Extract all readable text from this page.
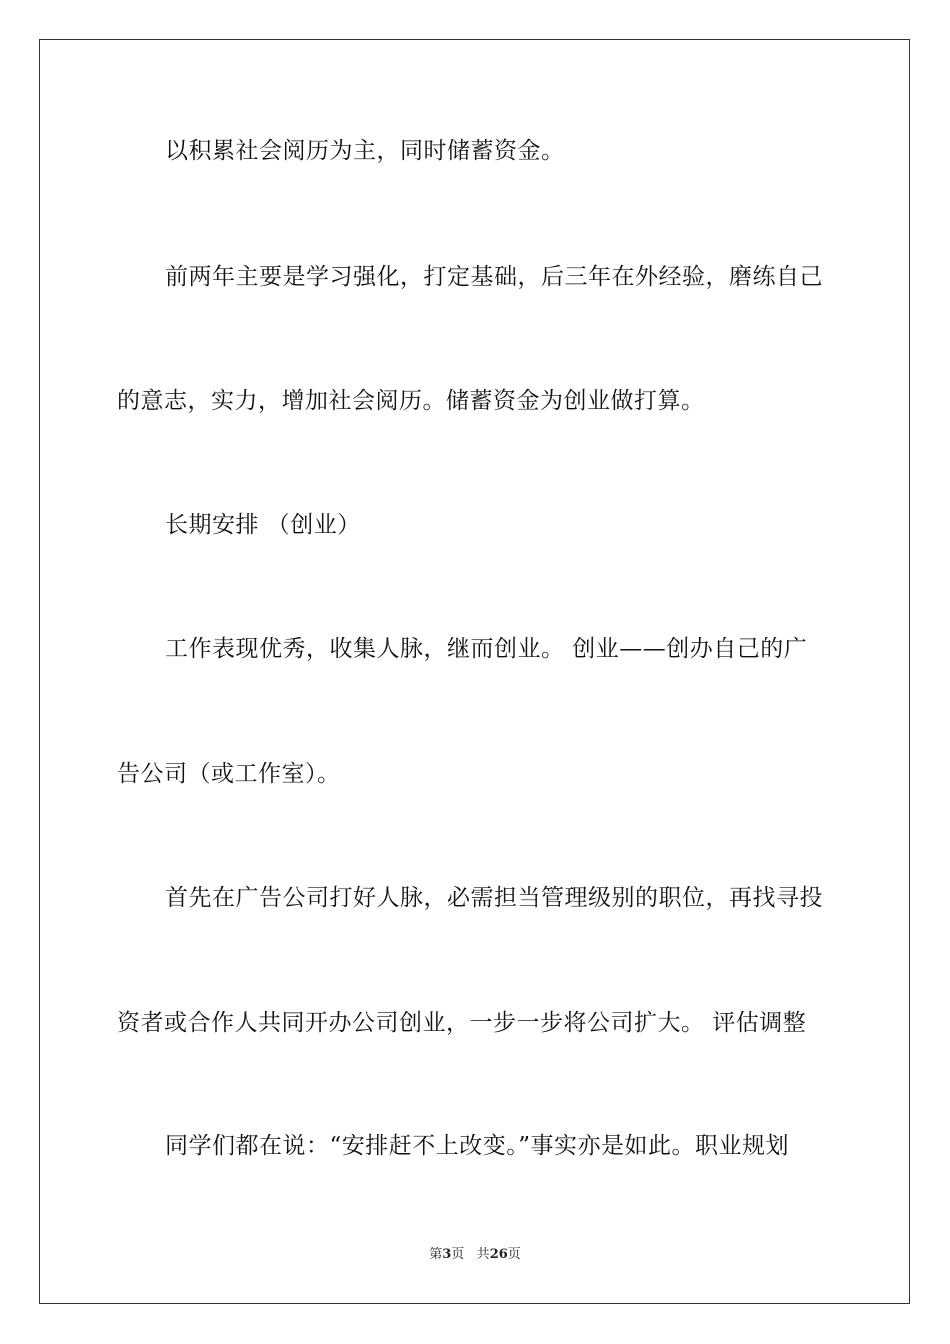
以积累社会阅历为主，同时储蓄资金。
前两年主要是学习强化，打定基础，后三年在外经验，磨练自己
的意志，实力，增加社会阅历。储蓄资金为创业做打算。
长期安排 （创业）
工作表现优秀，收集人脉，继而创业。 创业——创办自己的广
告公司（或工作室）。
首先在广告公司打好人脉，必需担当管理级别的职位，再找寻投
资者或合作人共同开办公司创业，一步一步将公司扩大。 评估调整
同学们都在说：“安排赶不上改变。”事实亦是如此。职业规划
第3页 共26页
